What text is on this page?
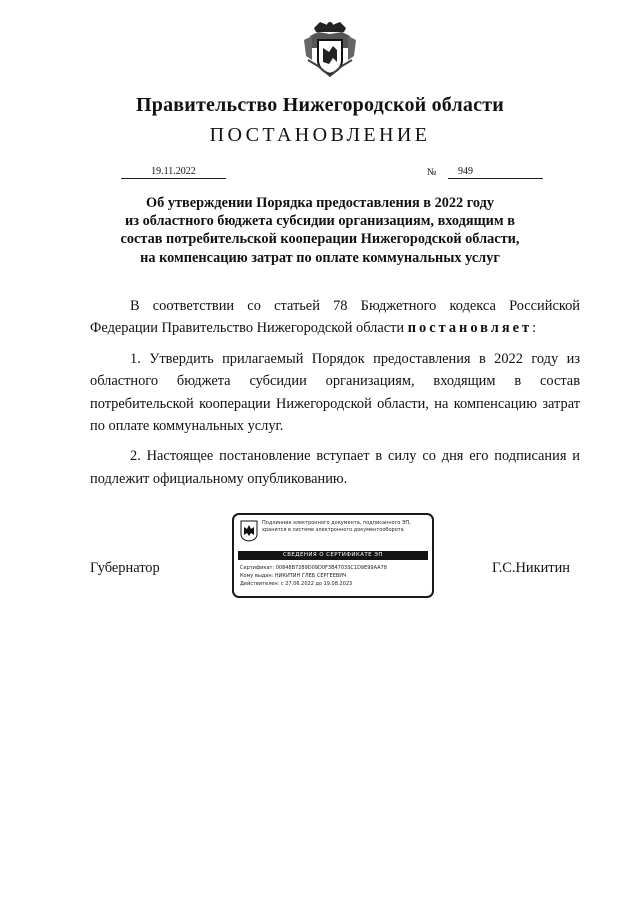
Правительство Нижегородской области
ПОСТАНОВЛЕНИЕ
19.11.2022	№	949
Об утверждении Порядка предоставления в 2022 году
из областного бюджета субсидии организациям, входящим в
состав потребительской кооперации Нижегородской области,
на компенсацию затрат по оплате коммунальных услуг

В соответствии со статьей 78 Бюджетного кодекса Российской Федерации Правительство Нижегородской области постановляет:

1. Утвердить прилагаемый Порядок предоставления в 2022 году из областного бюджета субсидии организациям, входящим в состав потребительской кооперации Нижегородской области, на компенсацию затрат по оплате коммунальных услуг.

2. Настоящее постановление вступает в силу со дня его подписания и подлежит официальному опубликованию.

Губернатор	Г.С.Никитин
Подлинник электронного документа, подписанного ЭП,
хранится в системе электронного документооборота
СВЕДЕНИЯ О СЕРТИФИКАТЕ ЭП
Сертификат: 00848B7289D09D0F3B4703SC1D9E99AA78
Кому выдан: НИКИТИН ГЛЕБ СЕРГЕЕВИЧ
Действителен: с 27.06.2022 до 19.08.2023
